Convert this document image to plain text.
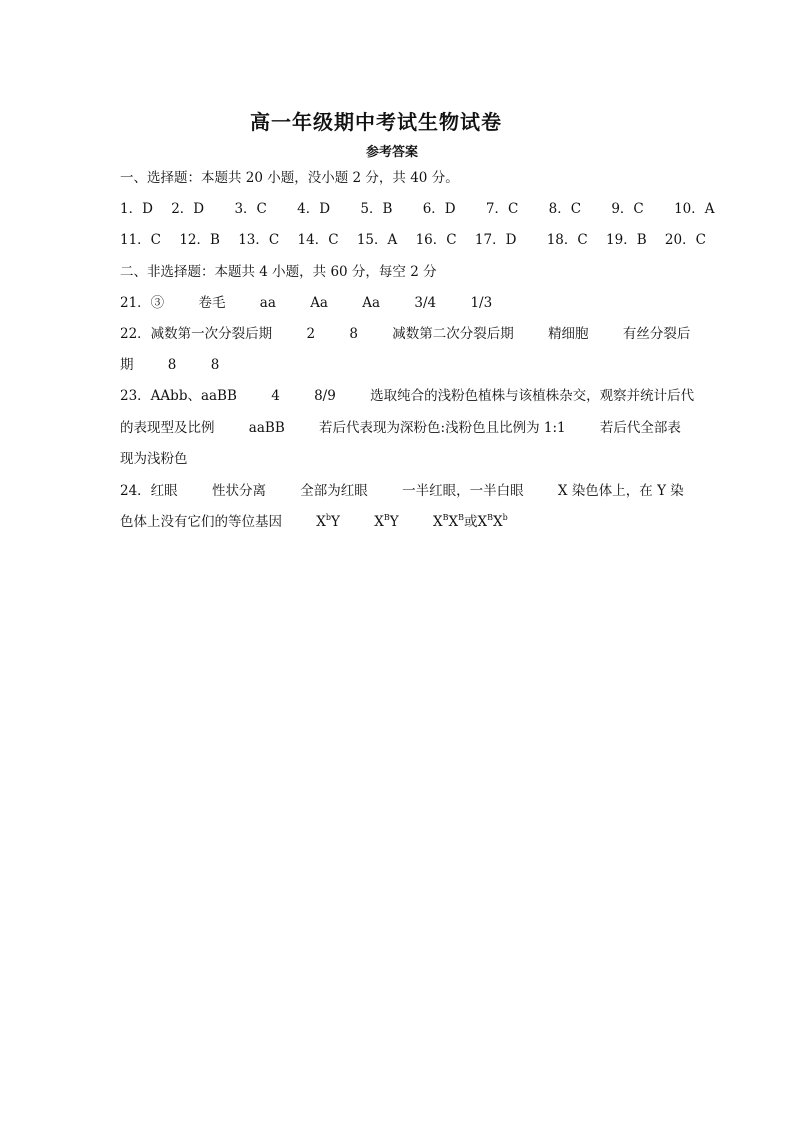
高一年级期中考试生物试卷
参考答案
一、选择题：本题共 20 小题，没小题 2 分，共 40 分。
1．D 2．D 3．C 4．D 5．B 6．D 7．C 8．C 9．C 10．A
11．C 12．B 13．C 14．C 15．A 16．C 17．D 18．C 19．B 20．C
二、非选择题：本题共 4 小题，共 60 分，每空 2 分
21．③	卷毛	aa	Aa	Aa	3/4	1/3
22．减数第一次分裂后期	2	8	减数第二次分裂后期	精细胞	有丝分裂后
期	8	8
23．AAbb、aaBB	4	8/9	选取纯合的浅粉色植株与该植株杂交，观察并统计后代
的表现型及比例	aaBB	若后代表现为深粉色:浅粉色且比例为 1:1	若后代全部表
现为浅粉色
24．红眼	性状分离	全部为红眼	一半红眼，一半白眼	X 染色体上，在 Y 染
色体上没有它们的等位基因	$X^bY$	$X^BY$	$X^BX^B$或$X^BX^b$
